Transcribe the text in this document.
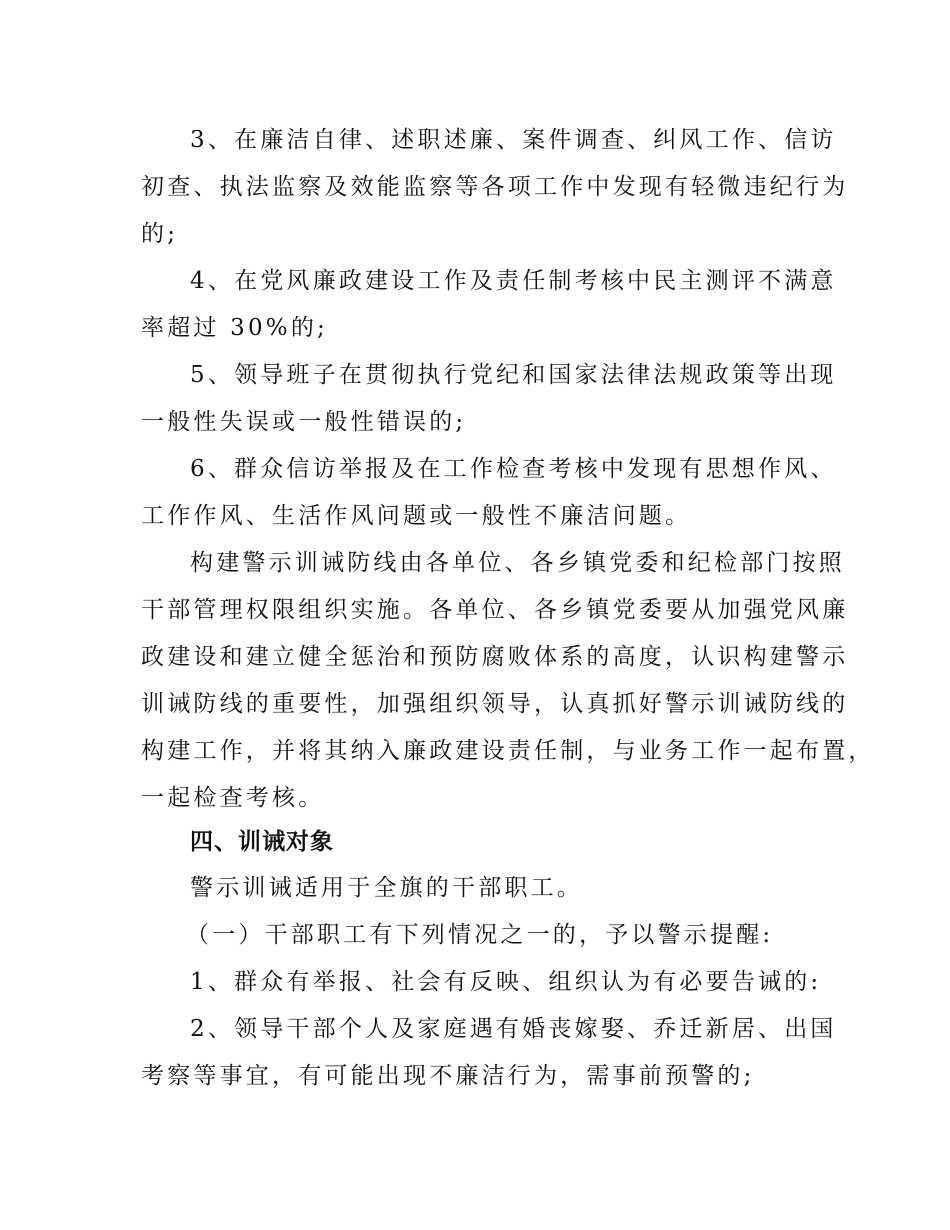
3、在廉洁自律、述职述廉、案件调查、纠风工作、信访
初查、执法监察及效能监察等各项工作中发现有轻微违纪行为
的;
4、在党风廉政建设工作及责任制考核中民主测评不满意
率超过 30%的;
5、领导班子在贯彻执行党纪和国家法律法规政策等出现
一般性失误或一般性错误的;
6、群众信访举报及在工作检查考核中发现有思想作风、
工作作风、生活作风问题或一般性不廉洁问题。
构建警示训诫防线由各单位、各乡镇党委和纪检部门按照
干部管理权限组织实施。各单位、各乡镇党委要从加强党风廉
政建设和建立健全惩治和预防腐败体系的高度，认识构建警示
训诫防线的重要性，加强组织领导，认真抓好警示训诫防线的
构建工作，并将其纳入廉政建设责任制，与业务工作一起布置，
一起检查考核。
四、训诫对象
警示训诫适用于全旗的干部职工。
（一）干部职工有下列情况之一的，予以警示提醒:
1、群众有举报、社会有反映、组织认为有必要告诫的:
2、领导干部个人及家庭遇有婚丧嫁娶、乔迁新居、出国
考察等事宜，有可能出现不廉洁行为，需事前预警的;
